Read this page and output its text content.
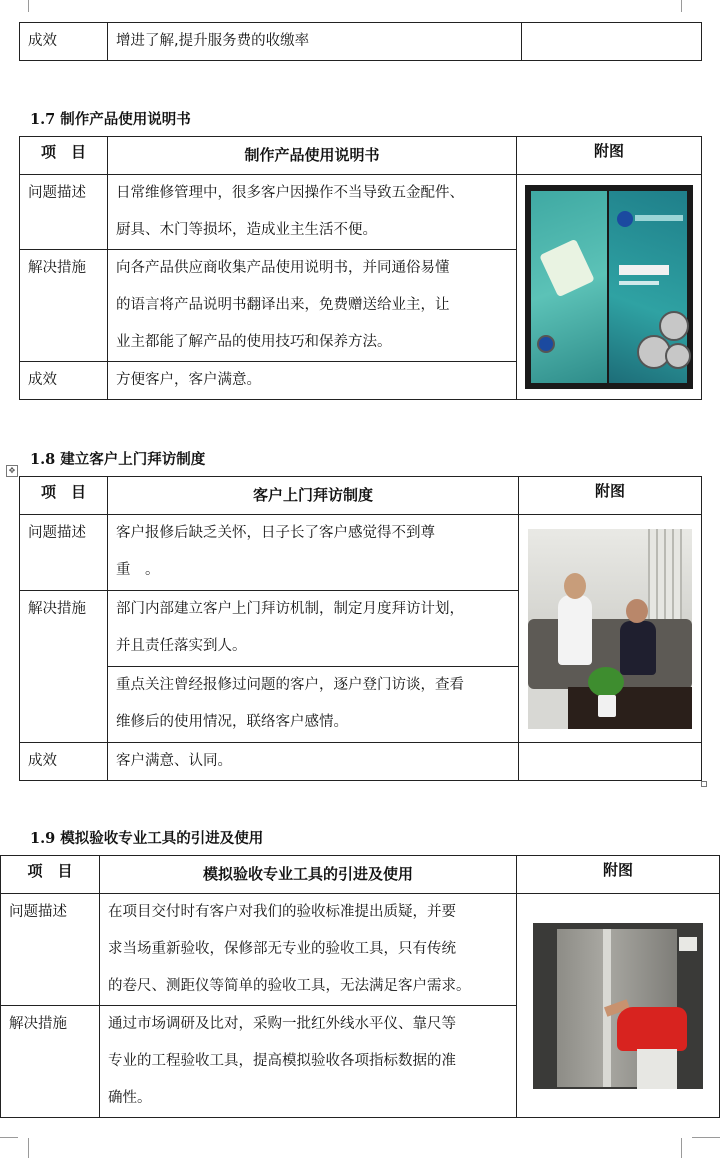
成效	增进了解,提升服务费的收缴率	
1.7 制作产品使用说明书
项　目	制作产品使用说明书	附图
问题描述	日常维修管理中，很多客户因操作不当导致五金配件、
厨具、木门等损坏，造成业主生活不便。	

解决措施	向各产品供应商收集产品使用说明书，并同通俗易懂
的语言将产品说明书翻译出来，免费赠送给业主，让
业主都能了解产品的使用技巧和保养方法。	

成效	方便客户，客户满意。	
1.8 建立客户上门拜访制度
✥
项　目	客户上门拜访制度	附图
问题描述	客户报修后缺乏关怀，日子长了客户感觉得不到尊
重　。	

解决措施	部门内部建立客户上门拜访机制，制定月度拜访计划，
并且责任落实到人。	

	重点关注曾经报修过问题的客户，逐户登门访谈，查看
维修后的使用情况，联络客户感情。	

成效	客户满意、认同。	

1.9 模拟验收专业工具的引进及使用
项　目	模拟验收专业工具的引进及使用	附图
问题描述	在项目交付时有客户对我们的验收标准提出质疑，并要
求当场重新验收，保修部无专业的验收工具，只有传统
的卷尺、测距仪等简单的验收工具，无法满足客户需求。	

解决措施	通过市场调研及比对，采购一批红外线水平仪、靠尺等
专业的工程验收工具，提高模拟验收各项指标数据的准
确性。	
